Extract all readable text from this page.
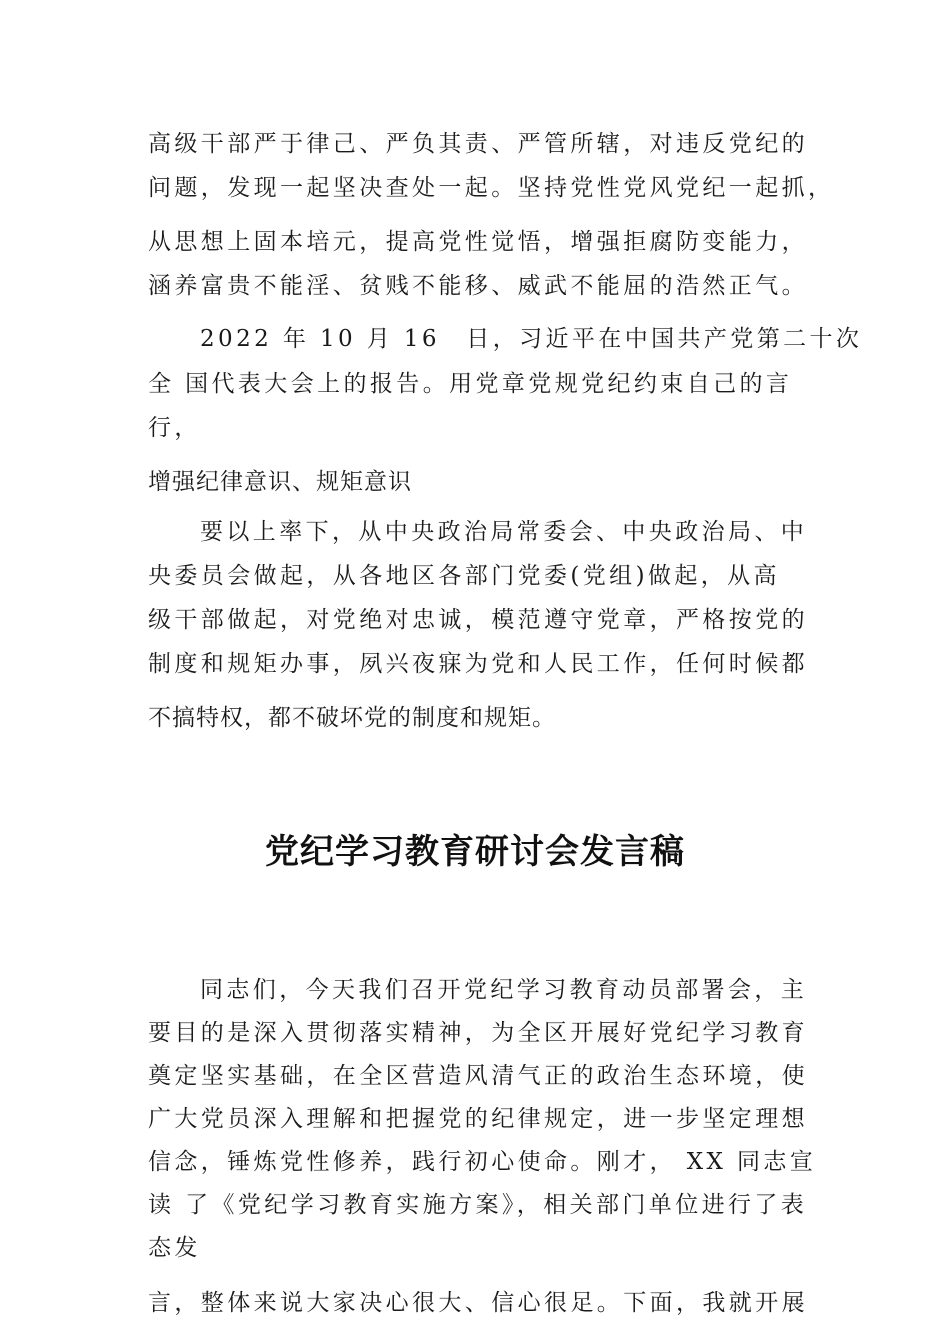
高级干部严于律己、严负其责、严管所辖，对违反党纪的
问题，发现一起坚决查处一起。坚持党性党风党纪一起抓，
从思想上固本培元，提高党性觉悟，增强拒腐防变能力，
涵养富贵不能淫、贫贱不能移、威武不能屈的浩然正气。
2022 年 10 月 16　日，习近平在中国共产党第二十次
全 国代表大会上的报告。用党章党规党纪约束自己的言
行，
增强纪律意识、规矩意识
要以上率下，从中央政治局常委会、中央政治局、中
央委员会做起，从各地区各部门党委(党组)做起，从高
级干部做起，对党绝对忠诚，模范遵守党章，严格按党的
制度和规矩办事，夙兴夜寐为党和人民工作，任何时候都
不搞特权，都不破坏党的制度和规矩。
党纪学习教育研讨会发言稿
同志们，今天我们召开党纪学习教育动员部署会，主
要目的是深入贯彻落实精神，为全区开展好党纪学习教育
奠定坚实基础，在全区营造风清气正的政治生态环境，使
广大党员深入理解和把握党的纪律规定，进一步坚定理想
信念，锤炼党性修养，践行初心使命。刚才， XX 同志宣
读 了《党纪学习教育实施方案》，相关部门单位进行了表
态发
言，整体来说大家决心很大、信心很足。下面，我就开展
